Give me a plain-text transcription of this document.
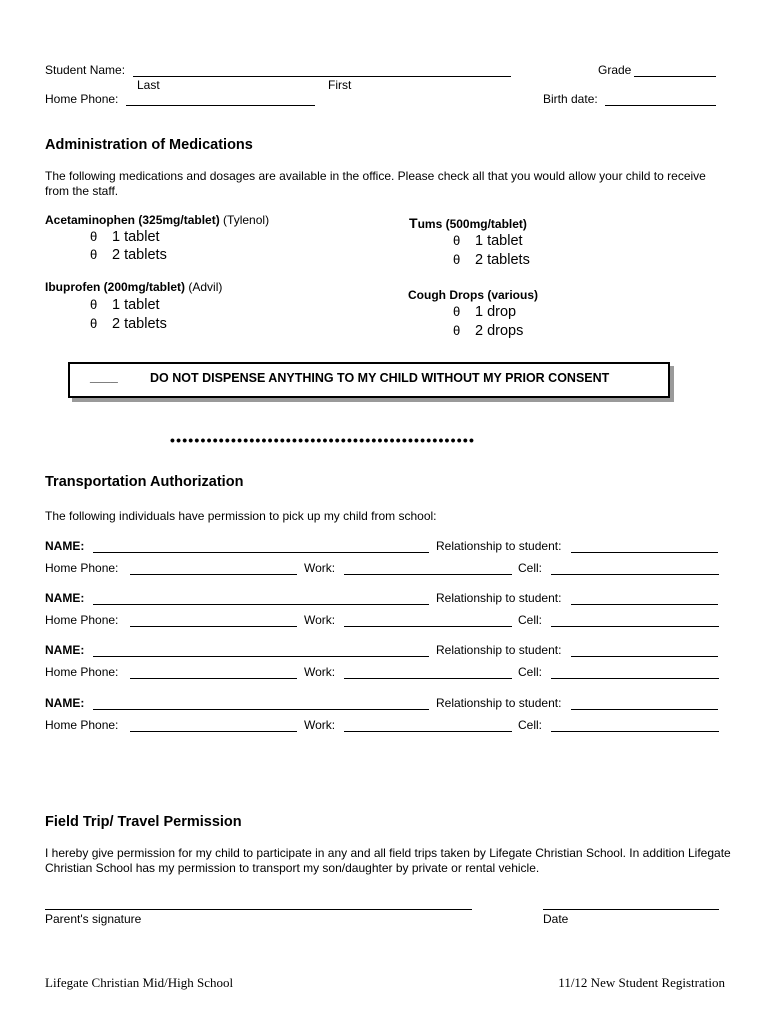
Student Name:
Last	First
Grade
Home Phone:	Birth date:
Administration of Medications

The following medications and dosages are available in the office. Please check all that you would allow your child to receive from the staff.

Acetaminophen (325mg/tablet) (Tylenol)
θ 1 tablet
θ 2 tablets
Ibuprofen (200mg/tablet) (Advil)
θ 1 tablet
θ 2 tablets
Tums (500mg/tablet)
θ 1 tablet
θ 2 tablets
Cough Drops (various)
θ 1 drop
θ 2 drops
____	DO NOT DISPENSE ANYTHING TO MY CHILD WITHOUT MY PRIOR CONSENT
••••••••••••••••••••••••••••••••••••••••••••••••••
Transportation Authorization

The following individuals have permission to pick up my child from school:

NAME:	Relationship to student:
Home Phone:	Work:	Cell:
NAME:	Relationship to student:
Home Phone:	Work:	Cell:
NAME:	Relationship to student:
Home Phone:	Work:	Cell:
NAME:	Relationship to student:
Home Phone:	Work:	Cell:
Field Trip/ Travel Permission

I hereby give permission for my child to participate in any and all field trips taken by Lifegate Christian School. In addition Lifegate Christian School has my permission to transport my son/daughter by private or rental vehicle.

Parent's signature	Date
Lifegate Christian Mid/High School	11/12 New Student Registration
